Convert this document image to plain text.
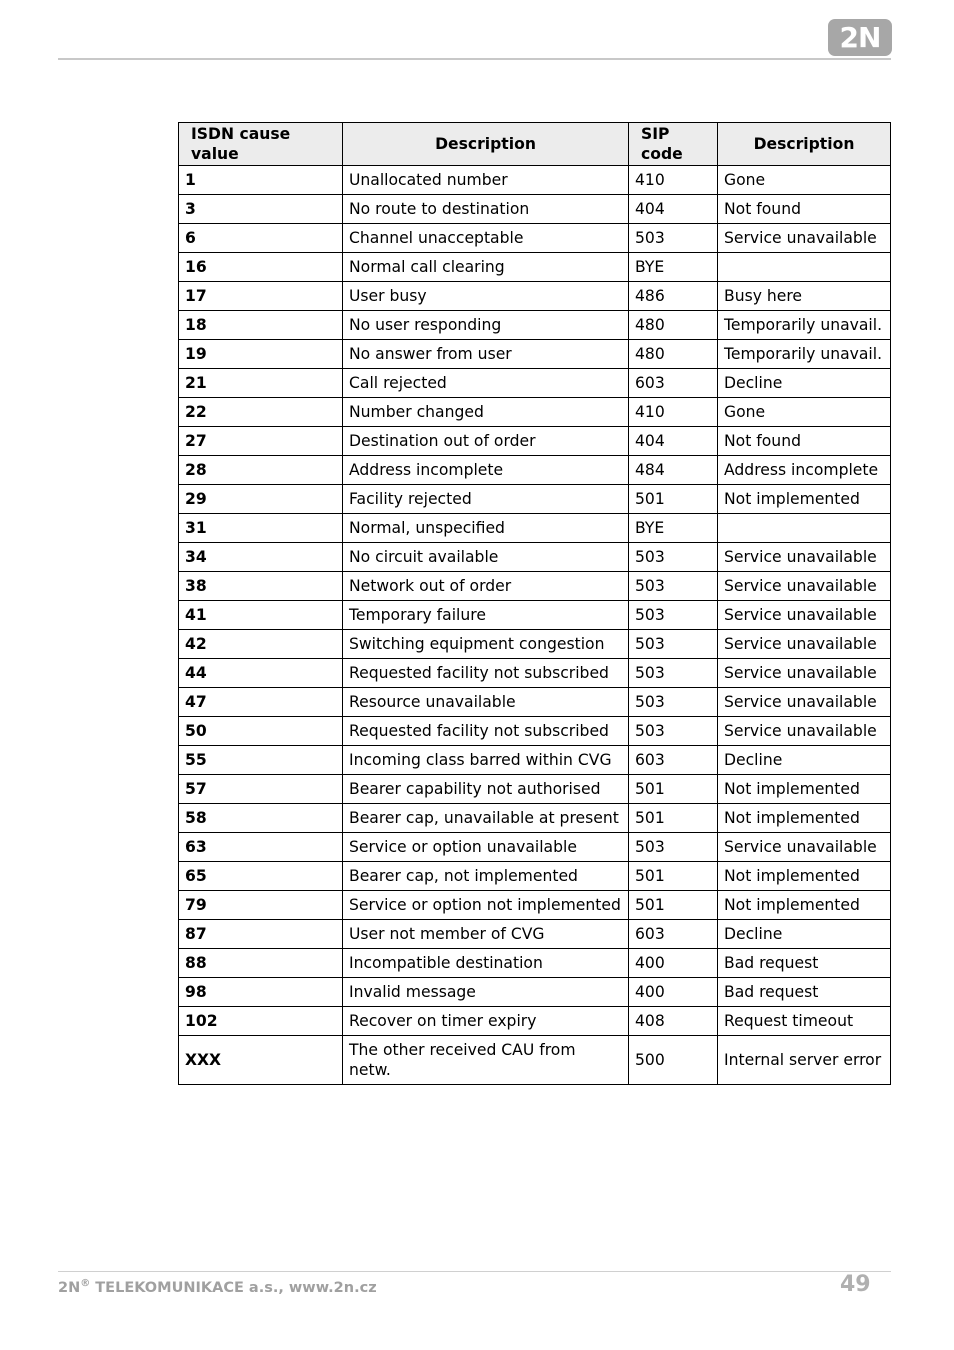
2N
ISDN cause value	Description	SIP code	Description
1	Unallocated number	410	Gone
3	No route to destination	404	Not found
6	Channel unacceptable	503	Service unavailable
16	Normal call clearing	BYE	
17	User busy	486	Busy here
18	No user responding	480	Temporarily unavail.
19	No answer from user	480	Temporarily unavail.
21	Call rejected	603	Decline
22	Number changed	410	Gone
27	Destination out of order	404	Not found
28	Address incomplete	484	Address incomplete
29	Facility rejected	501	Not implemented
31	Normal, unspecified	BYE	
34	No circuit available	503	Service unavailable
38	Network out of order	503	Service unavailable
41	Temporary failure	503	Service unavailable
42	Switching equipment congestion	503	Service unavailable
44	Requested facility not subscribed	503	Service unavailable
47	Resource unavailable	503	Service unavailable
50	Requested facility not subscribed	503	Service unavailable
55	Incoming class barred within CVG	603	Decline
57	Bearer capability not authorised	501	Not implemented
58	Bearer cap, unavailable at present	501	Not implemented
63	Service or option unavailable	503	Service unavailable
65	Bearer cap, not implemented	501	Not implemented
79	Service or option not implemented	501	Not implemented
87	User not member of CVG	603	Decline
88	Incompatible destination	400	Bad request
98	Invalid message	400	Bad request
102	Recover on timer expiry	408	Request timeout
XXX	The other received CAU from netw.	500	Internal server error
2N® TELEKOMUNIKACE a.s., www.2n.cz	49
